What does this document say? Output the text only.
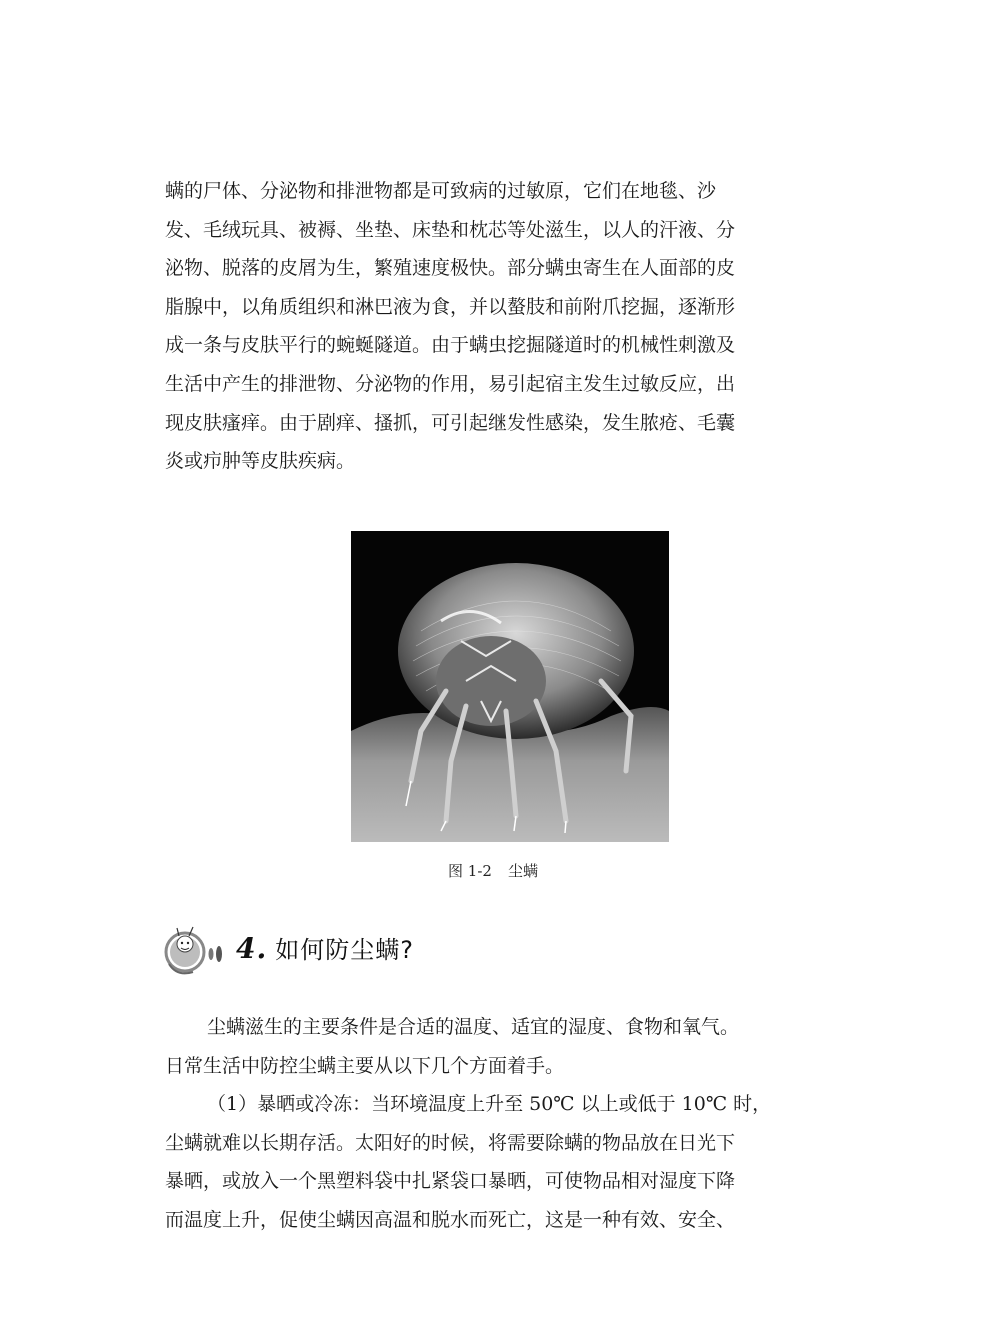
螨的尸体、分泌物和排泄物都是可致病的过敏原，它们在地毯、沙
发、毛绒玩具、被褥、坐垫、床垫和枕芯等处滋生，以人的汗液、分
泌物、脱落的皮屑为生，繁殖速度极快。部分螨虫寄生在人面部的皮
脂腺中，以角质组织和淋巴液为食，并以螯肢和前附爪挖掘，逐渐形
成一条与皮肤平行的蜿蜒隧道。由于螨虫挖掘隧道时的机械性刺激及
生活中产生的排泄物、分泌物的作用，易引起宿主发生过敏反应，出
现皮肤瘙痒。由于剧痒、搔抓，可引起继发性感染，发生脓疮、毛囊
炎或疖肿等皮肤疾病。
图 1-2 尘螨
4. 如何防尘螨?
尘螨滋生的主要条件是合适的温度、适宜的湿度、食物和氧气。
日常生活中防控尘螨主要从以下几个方面着手。
（1）暴晒或冷冻：当环境温度上升至 50℃ 以上或低于 10℃ 时，
尘螨就难以长期存活。太阳好的时候，将需要除螨的物品放在日光下
暴晒，或放入一个黑塑料袋中扎紧袋口暴晒，可使物品相对湿度下降
而温度上升，促使尘螨因高温和脱水而死亡，这是一种有效、安全、
